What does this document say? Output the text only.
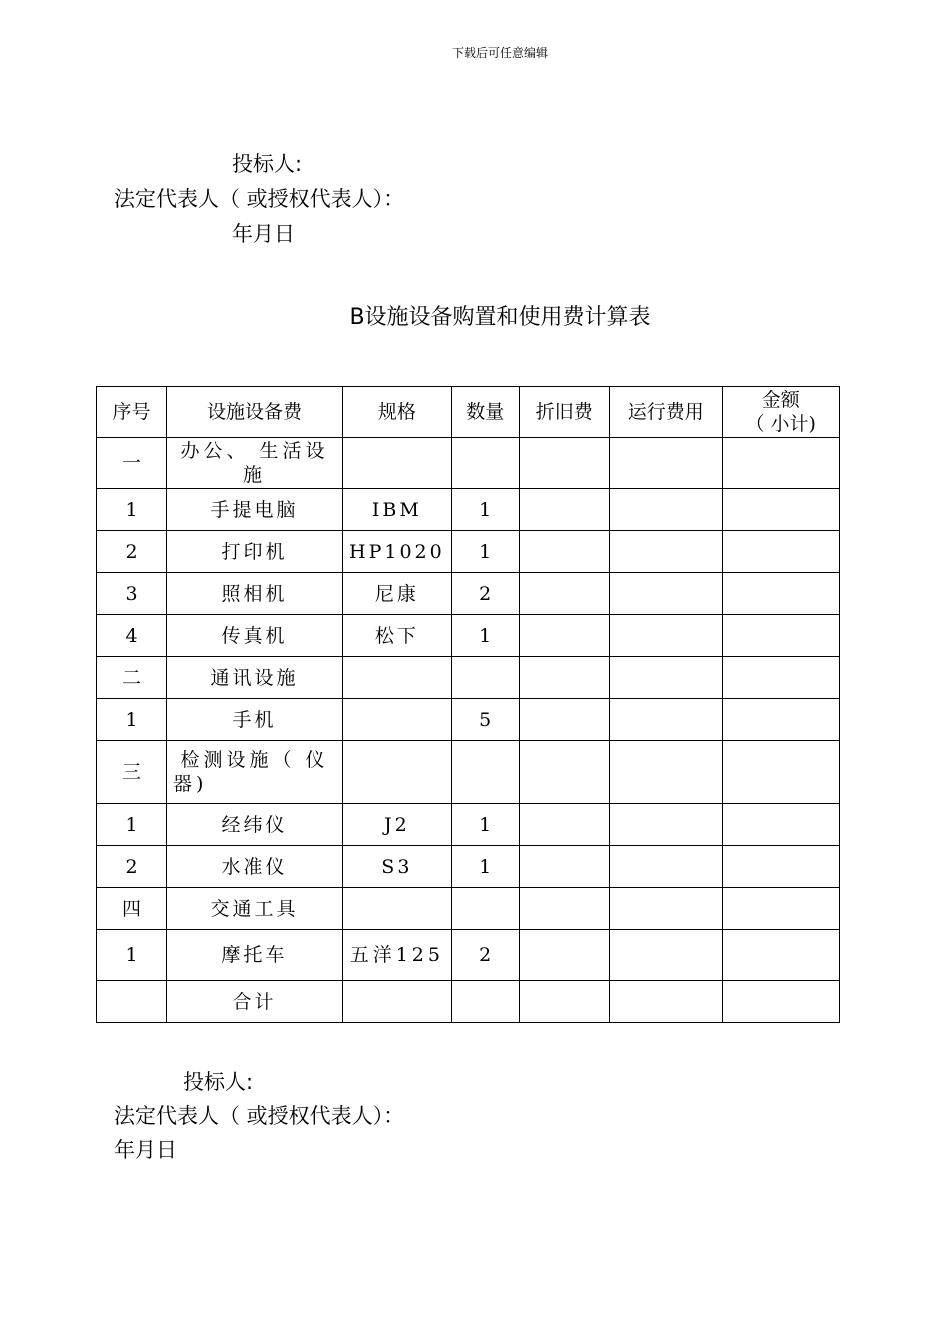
下载后可任意编辑
投标人:
法定代表人（ 或授权代表人）：
年月日
B设施设备购置和使用费计算表
序号	设施设备费	规格	数量	折旧费	运行费用	金额
（ 小计)
一	办公、 生活设施					
1	手提电脑	IBM	1			
2	打印机	HP1020	1			
3	照相机	尼康	2			
4	传真机	松下	1			
二	通讯设施					
1	手机		5			
三	检测设施（ 仪器)					
1	经纬仪	J2	1			
2	水准仪	S3	1			
四	交通工具					
1	摩托车	五洋125	2			
	合计					
投标人:
法定代表人（ 或授权代表人）：
年月日
